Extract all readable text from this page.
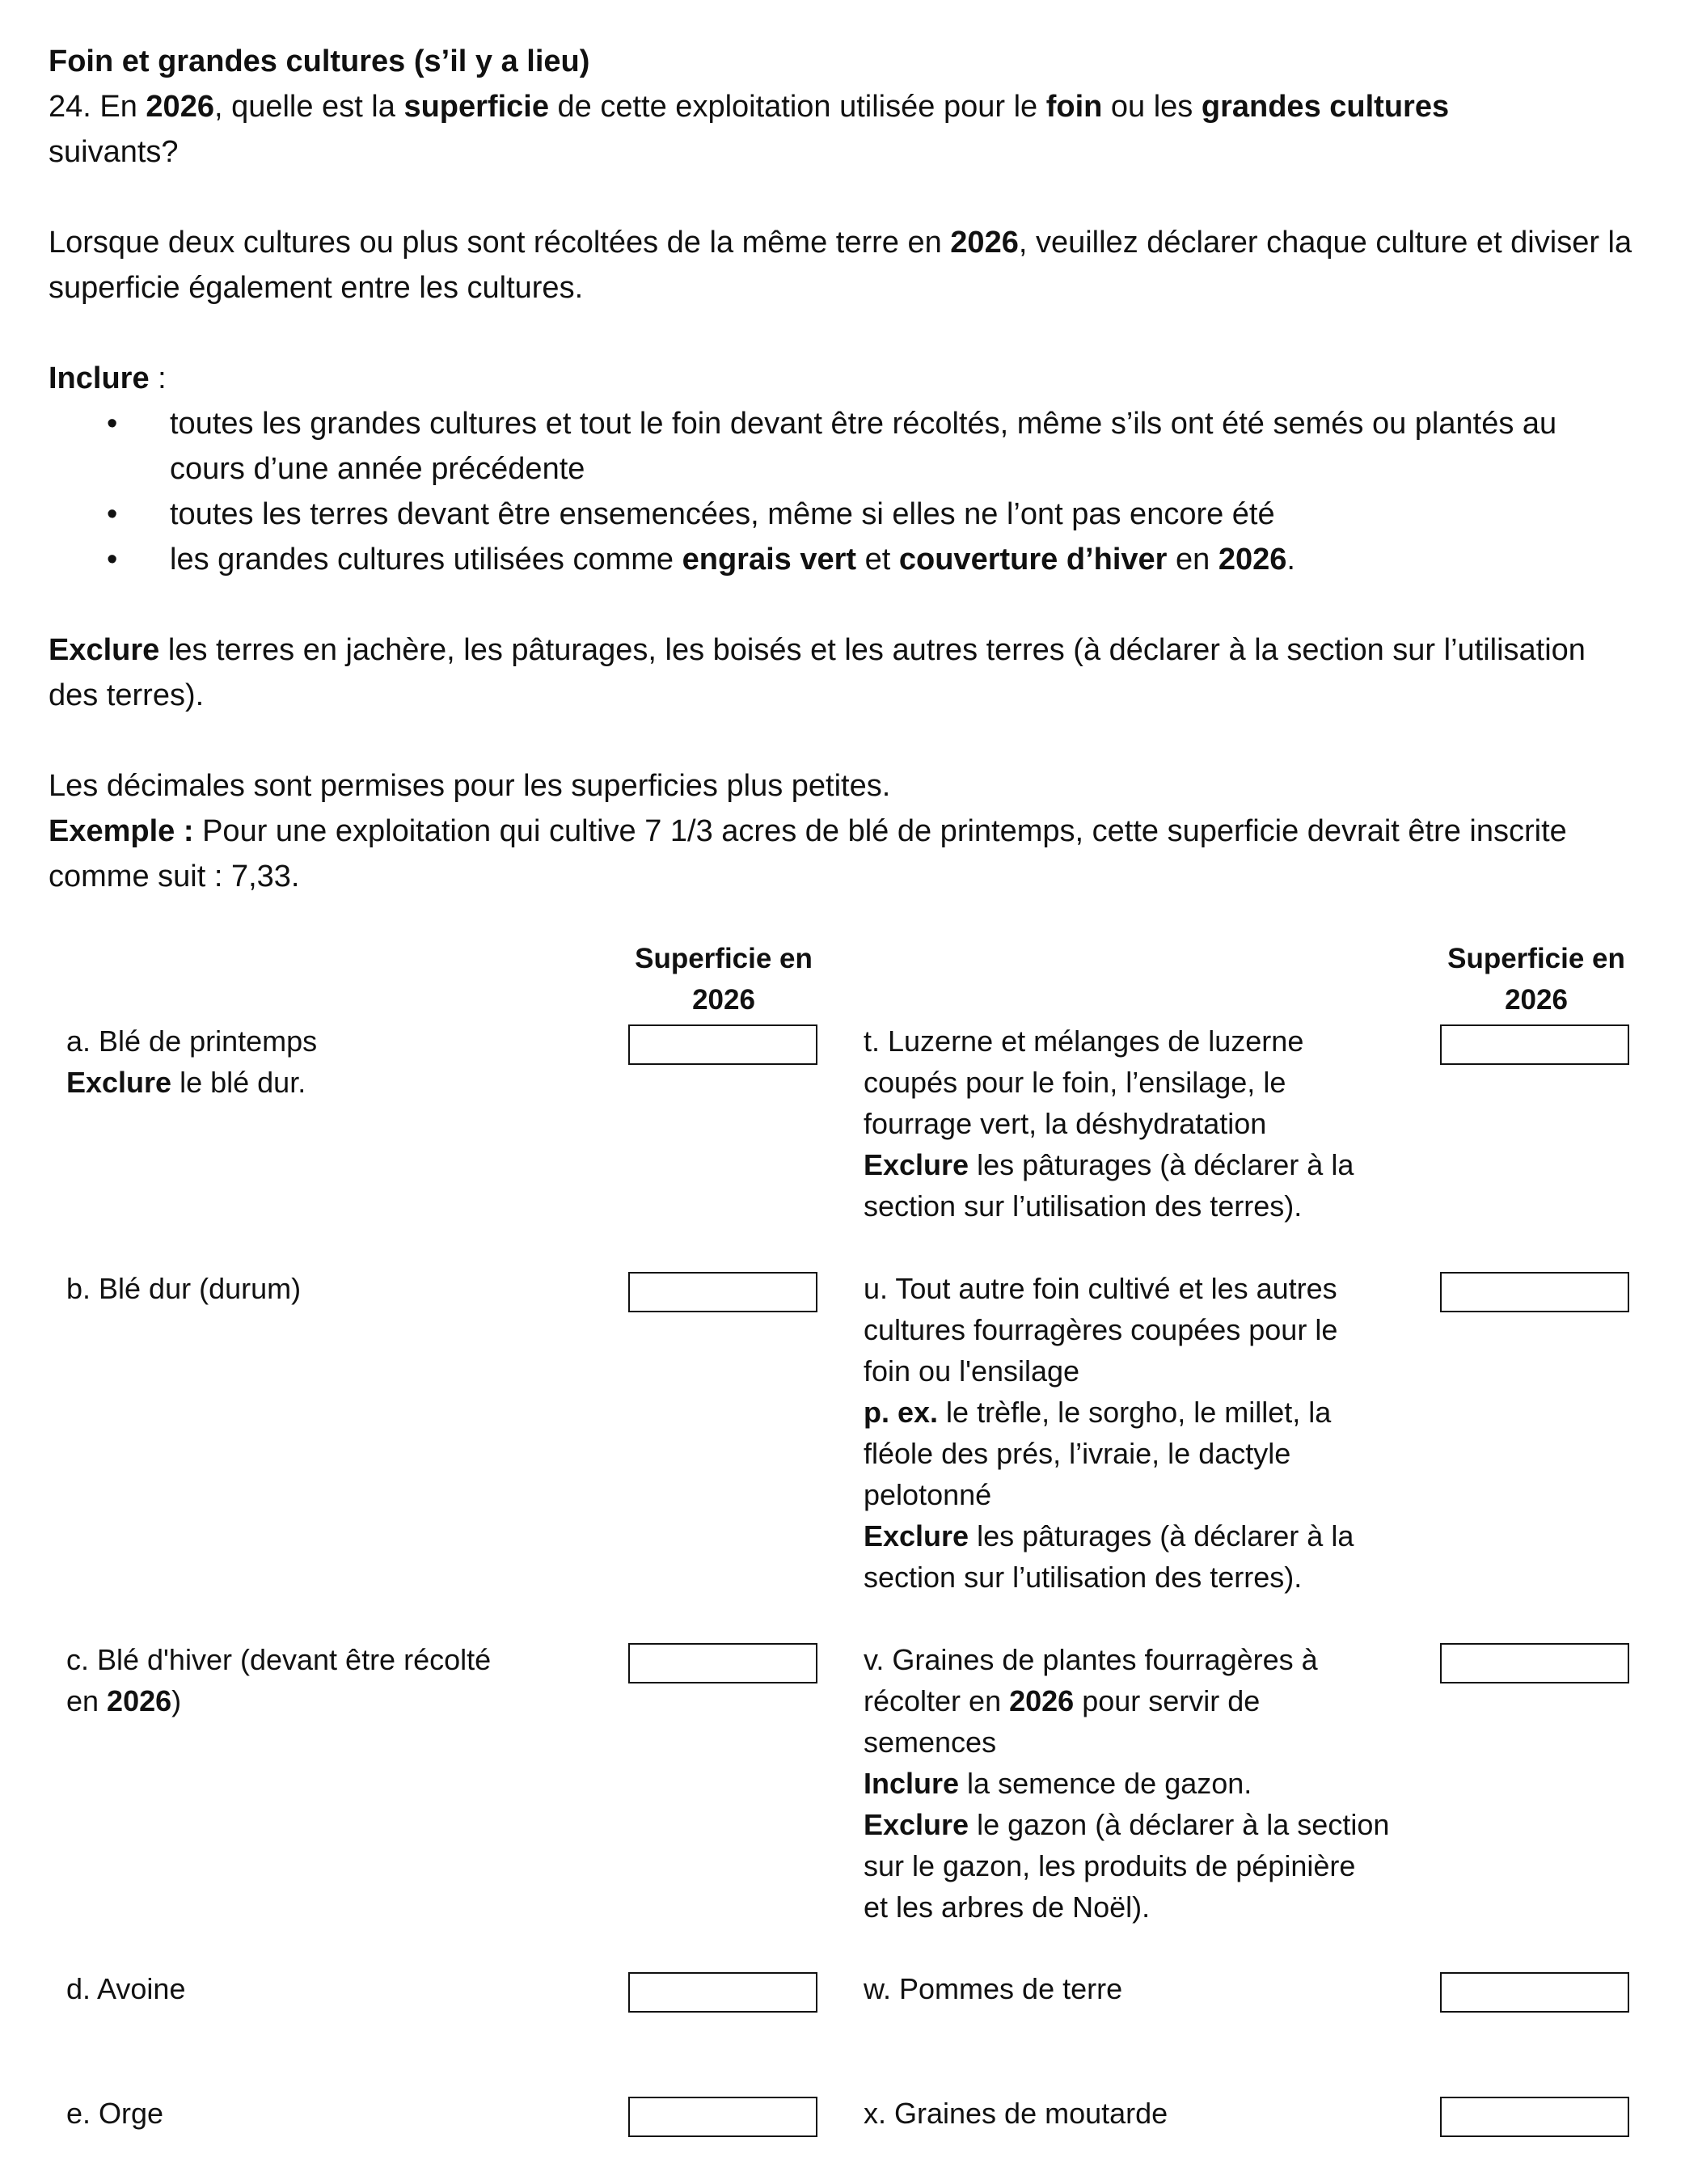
Foin et grandes cultures (s’il y a lieu)
24. En 2026, quelle est la superficie de cette exploitation utilisée pour le foin ou les grandes cultures suivants?
Lorsque deux cultures ou plus sont récoltées de la même terre en 2026, veuillez déclarer chaque culture et diviser la superficie également entre les cultures.
Inclure :
• toutes les grandes cultures et tout le foin devant être récoltés, même s’ils ont été semés ou plantés au cours d’une année précédente
• toutes les terres devant être ensemencées, même si elles ne l’ont pas encore été
• les grandes cultures utilisées comme engrais vert et couverture d’hiver en 2026.
Exclure les terres en jachère, les pâturages, les boisés et les autres terres (à déclarer à la section sur l’utilisation des terres).
Les décimales sont permises pour les superficies plus petites.
Exemple : Pour une exploitation qui cultive 7 1/3 acres de blé de printemps, cette superficie devrait être inscrite comme suit : 7,33.
Superficie en
2026
Superficie en
2026
a. Blé de printemps
Exclure le blé dur.
b. Blé dur (durum)
c. Blé d'hiver (devant être récolté
en 2026)
d. Avoine
e. Orge
t. Luzerne et mélanges de luzerne
coupés pour le foin, l’ensilage, le
fourrage vert, la déshydratation
Exclure les pâturages (à déclarer à la
section sur l’utilisation des terres).
u. Tout autre foin cultivé et les autres
cultures fourragères coupées pour le
foin ou l'ensilage
p. ex. le trèfle, le sorgho, le millet, la
fléole des prés, l’ivraie, le dactyle
pelotonné
Exclure les pâturages (à déclarer à la
section sur l’utilisation des terres).
v. Graines de plantes fourragères à
récolter en 2026 pour servir de
semences
Inclure la semence de gazon.
Exclure le gazon (à déclarer à la section
sur le gazon, les produits de pépinière
et les arbres de Noël).
w. Pommes de terre
x. Graines de moutarde
